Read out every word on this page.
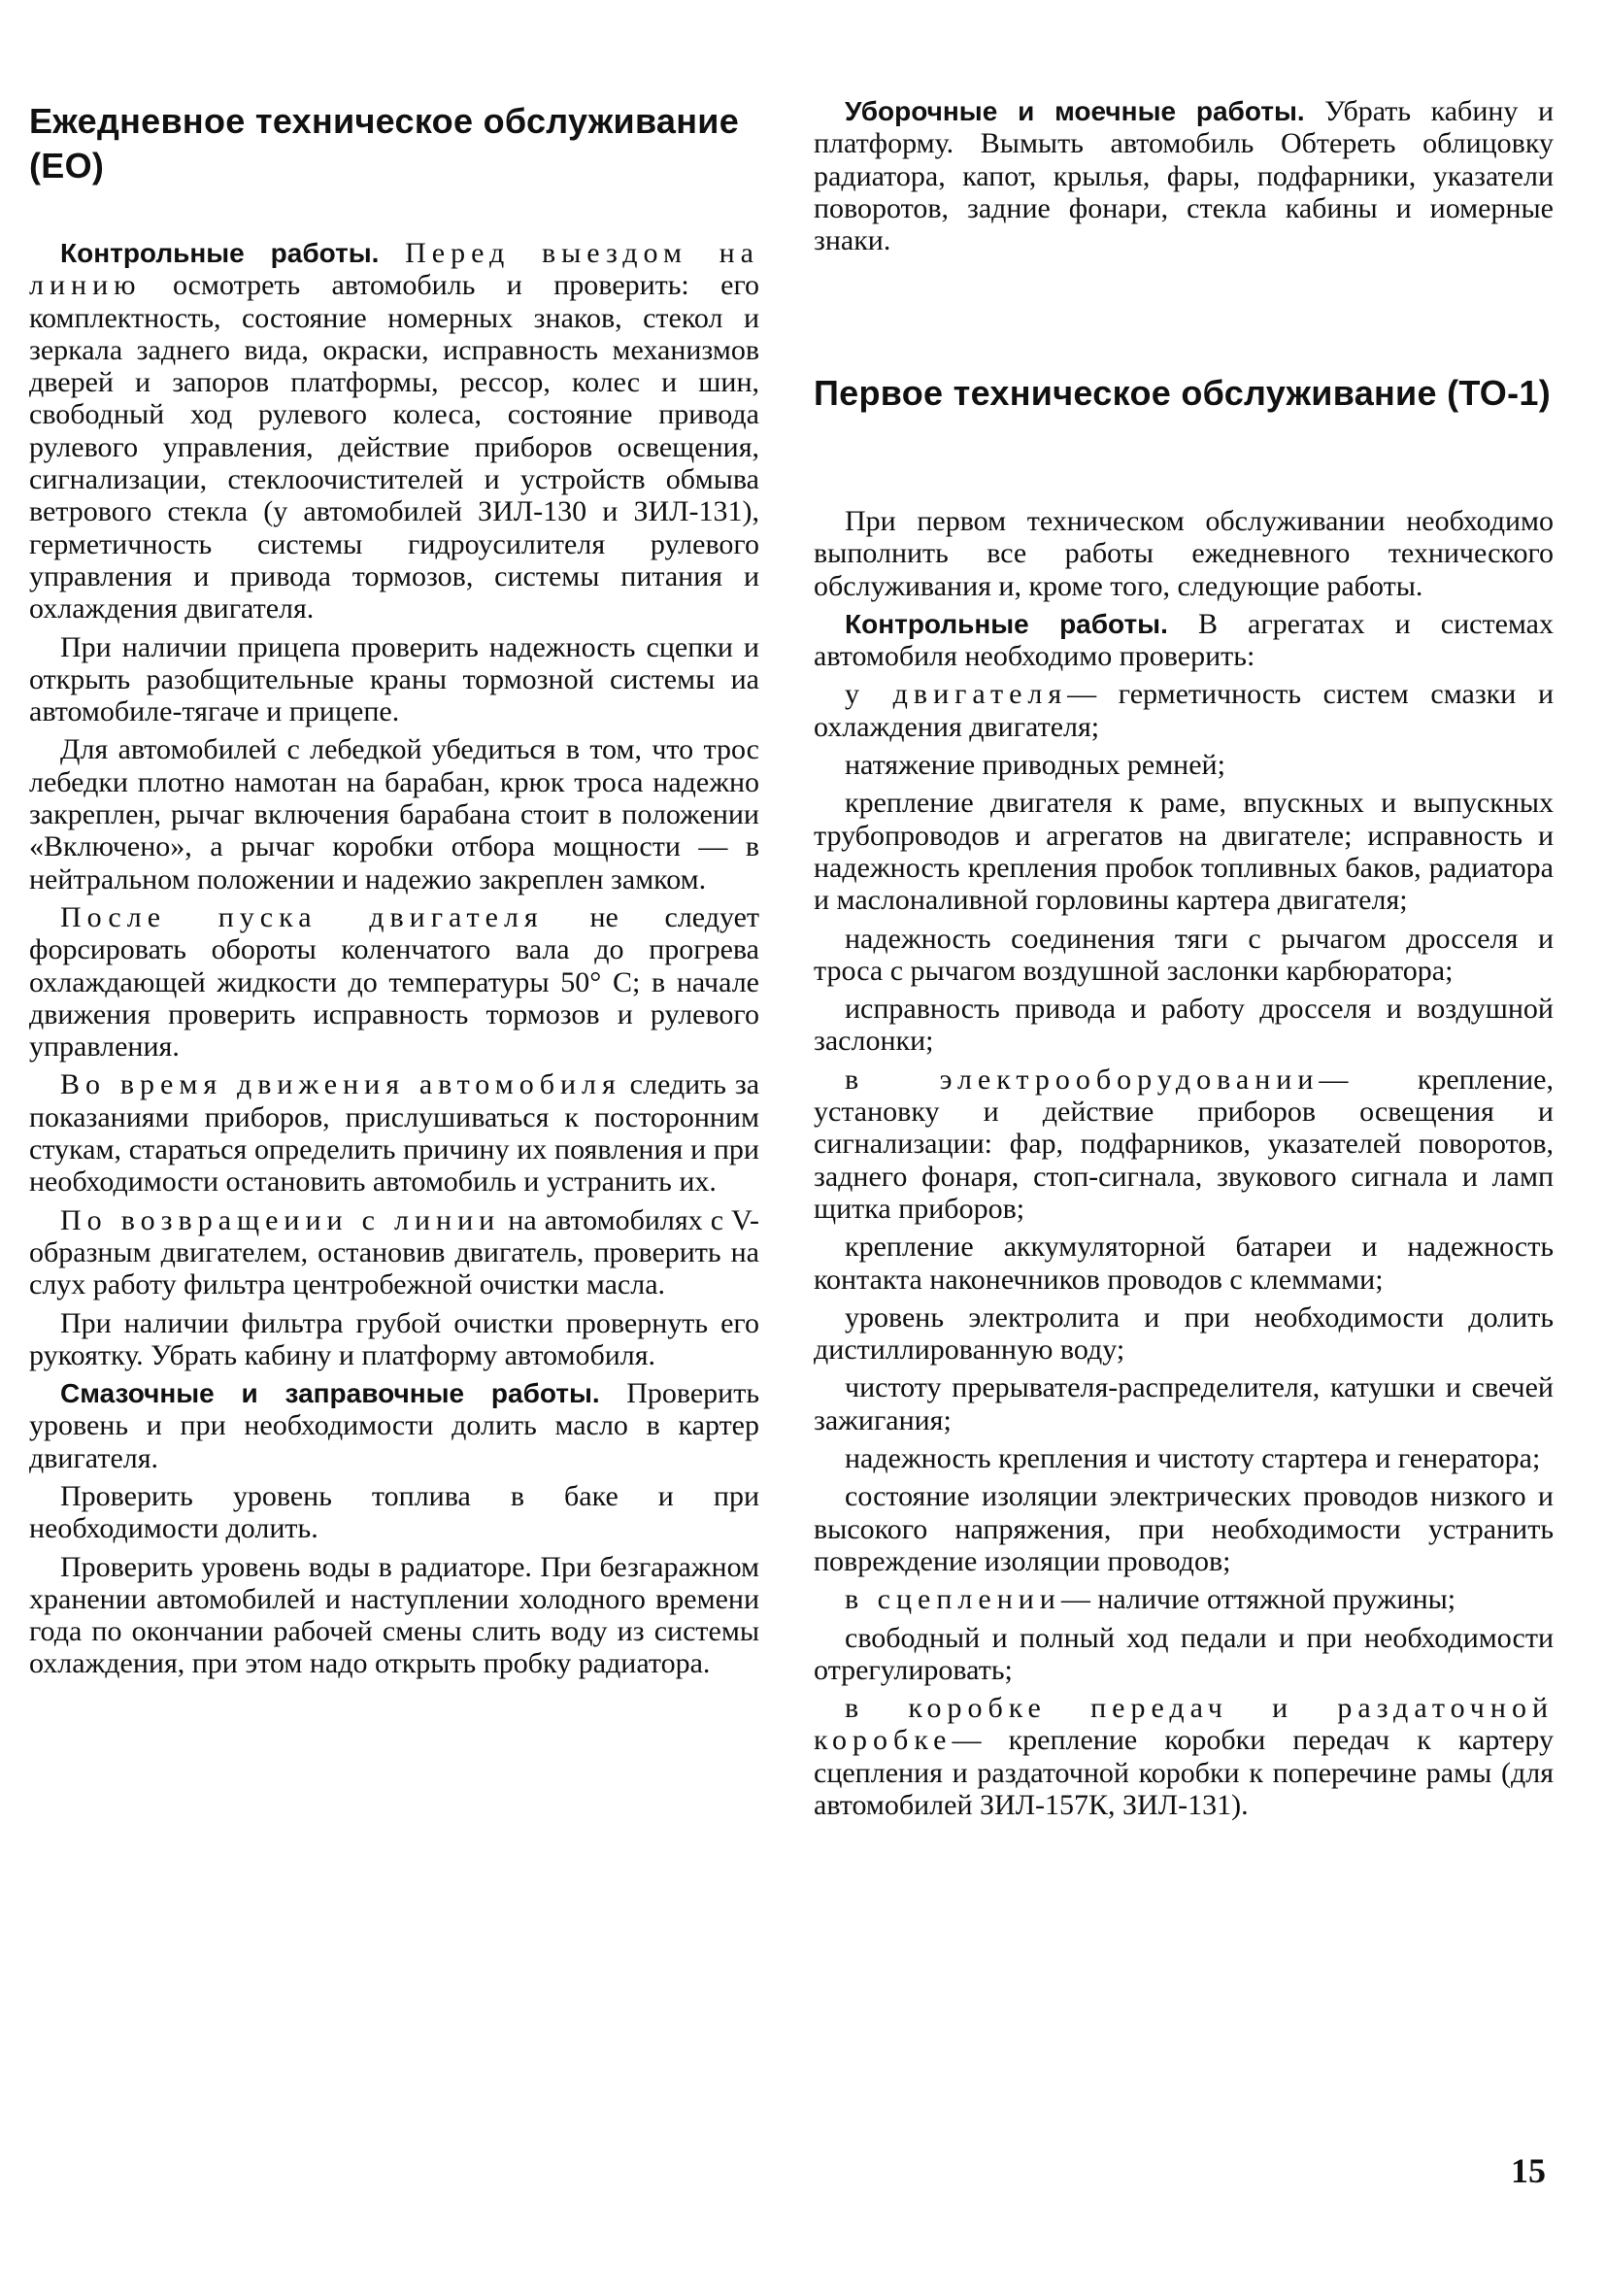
Ежедневное техническое обслуживание (ЕО)

Контрольные работы. Перед выездом на линию осмотреть автомобиль и проверить: его комплектность, состояние номерных знаков, стекол и зеркала заднего вида, окраски, исправность механизмов дверей и запоров платформы, рессор, колес и шин, свободный ход рулевого колеса, состояние привода рулевого управления, действие приборов освещения, сигнализации, стеклоочистителей и устройств обмыва ветрового стекла (у автомобилей ЗИЛ-130 и ЗИЛ-131), герметичность системы гидроусилителя рулевого управления и привода тормозов, системы питания и охлаждения двигателя.

При наличии прицепа проверить надежность сцепки и открыть разобщительные краны тормозной системы иа автомобиле-тягаче и прицепе.

Для автомобилей с лебедкой убедиться в том, что трос лебедки плотно намотан на барабан, крюк троса надежно закреплен, рычаг включения барабана стоит в положении «Включено», а рычаг коробки отбора мощности — в нейтральном положении и надежио закреплен замком.

После пуска двигателя не следует форсировать обороты коленчатого вала до прогрева охлаждающей жидкости до температуры 50° С; в начале движения проверить исправность тормозов и рулевого управления.

Во время движения автомобиля следить за показаниями приборов, прислушиваться к посторонним стукам, стараться определить причину их появления и при необходимости остановить автомобиль и устранить их.

По возвращеиии с линии на автомобилях с V-образным двигателем, остановив двигатель, проверить на слух работу фильтра центробежной очистки масла.

При наличии фильтра грубой очистки провернуть его рукоятку. Убрать кабину и платформу автомобиля.

Смазочные и заправочные работы. Проверить уровень и при необходимости долить масло в картер двигателя.

Проверить уровень топлива в баке и при необходимости долить.

Проверить уровень воды в радиаторе. При безгаражном хранении автомобилей и наступлении холодного времени года по окончании рабочей смены слить воду из системы охлаждения, при этом надо открыть пробку радиатора.

Уборочные и моечные работы. Убрать кабину и платформу. Вымыть автомобиль Обтереть облицовку радиатора, капот, крылья, фары, подфарники, указатели поворотов, задние фонари, стекла кабины и иомерные знаки.

Первое техническое обслуживание (ТО-1)

При первом техническом обслуживании необходимо выполнить все работы ежедневного технического обслуживания и, кроме того, следующие работы.

Контрольные работы. В агрегатах и системах автомобиля необходимо проверить:

у двигателя— герметичность систем смазки и охлаждения двигателя;

натяжение приводных ремней;

крепление двигателя к раме, впускных и выпускных трубопроводов и агрегатов на двигателе; исправность и надежность крепления пробок топливных баков, радиатора и маслоналивной горловины картера двигателя;

надежность соединения тяги с рычагом дросселя и троса с рычагом воздушной заслонки карбюратора;

исправность привода и работу дросселя и воздушной заслонки;

в электрооборудовании— крепление, установку и действие приборов освещения и сигнализации: фар, подфарников, указателей поворотов, заднего фонаря, стоп-сигнала, звукового сигнала и ламп щитка приборов;

крепление аккумуляторной батареи и надежность контакта наконечников проводов с клеммами;

уровень электролита и при необходимости долить дистиллированную воду;

чистоту прерывателя-распределителя, катушки и свечей зажигания;

надежность крепления и чистоту стартера и генератора;

состояние изоляции электрических проводов низкого и высокого напряжения, при необходимости устранить повреждение изоляции проводов;

в сцеплении— наличие оттяжной пружины;

свободный и полный ход педали и при необходимости отрегулировать;

в коробке передач и раздаточной коробке— крепление коробки передач к картеру сцепления и раздаточной коробки к поперечине рамы (для автомобилей ЗИЛ-157К, ЗИЛ-131).

15
